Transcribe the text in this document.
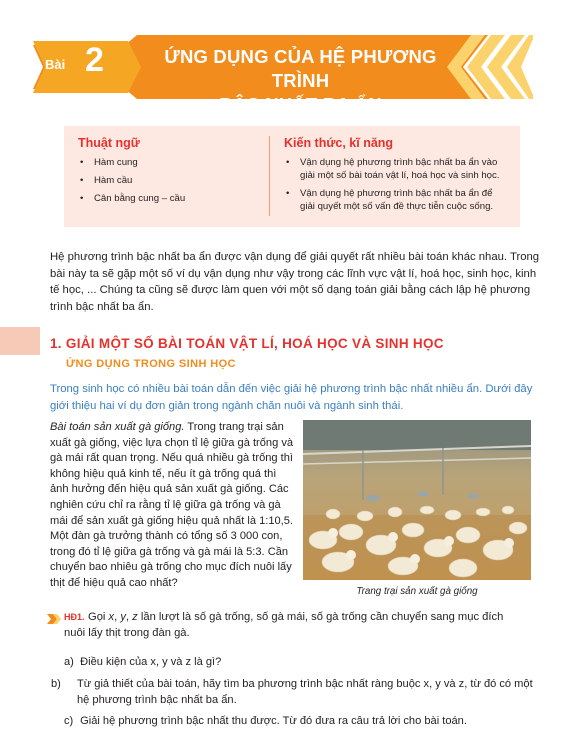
Bài 2	ỨNG DỤNG CỦA HỆ PHƯƠNG TRÌNH
BẬC NHẤT BA ẨN
Thuật ngữ
• Hàm cung
• Hàm cầu
• Cân bằng cung – cầu
Kiến thức, kĩ năng
• Vận dụng hệ phương trình bậc nhất ba ẩn vào giải một số bài toán vật lí, hoá học và sinh học.
• Vận dụng hệ phương trình bậc nhất ba ẩn để giải quyết một số vấn đề thực tiễn cuộc sống.

Hệ phương trình bậc nhất ba ẩn được vận dụng để giải quyết rất nhiều bài toán khác nhau. Trong bài này ta sẽ gặp một số ví dụ vận dụng như vậy trong các lĩnh vực vật lí, hoá học, sinh học, kinh tế học, ... Chúng ta cũng sẽ được làm quen với một số dạng toán giải bằng cách lập hệ phương trình bậc nhất ba ẩn.

1. GIẢI MỘT SỐ BÀI TOÁN VẬT LÍ, HOÁ HỌC VÀ SINH HỌC
ỨNG DỤNG TRONG SINH HỌC

Trong sinh học có nhiều bài toán dẫn đến việc giải hệ phương trình bậc nhất nhiều ẩn. Dưới đây giới thiệu hai ví dụ đơn giản trong ngành chăn nuôi và ngành sinh thái.

Bài toán sản xuất gà giống. Trong trang trại sản xuất gà giống, việc lựa chọn tỉ lệ giữa gà trống và gà mái rất quan trọng. Nếu quá nhiều gà trống thì không hiệu quả kinh tế, nếu ít gà trống quá thì ảnh hưởng đến hiệu quả sản xuất gà giống. Các nghiên cứu chỉ ra rằng tỉ lệ giữa gà trống và gà mái để sản xuất gà giống hiệu quả nhất là 1:10,5. Một đàn gà trưởng thành có tổng số 3 000 con, trong đó tỉ lệ giữa gà trống và gà mái là 5:3. Cần chuyển bao nhiêu gà trống cho mục đích nuôi lấy thịt để hiệu quả cao nhất?

Trang trại sản xuất gà giống
HĐ1. Gọi x, y, z lần lượt là số gà trống, số gà mái, số gà trống cần chuyển sang mục đích
nuôi lấy thịt trong đàn gà.
a) Điều kiện của x, y và z là gì?
b) Từ giả thiết của bài toán, hãy tìm ba phương trình bậc nhất ràng buộc x, y và z, từ đó có một hệ phương trình bậc nhất ba ẩn.
c) Giải hệ phương trình bậc nhất thu được. Từ đó đưa ra câu trả lời cho bài toán.
